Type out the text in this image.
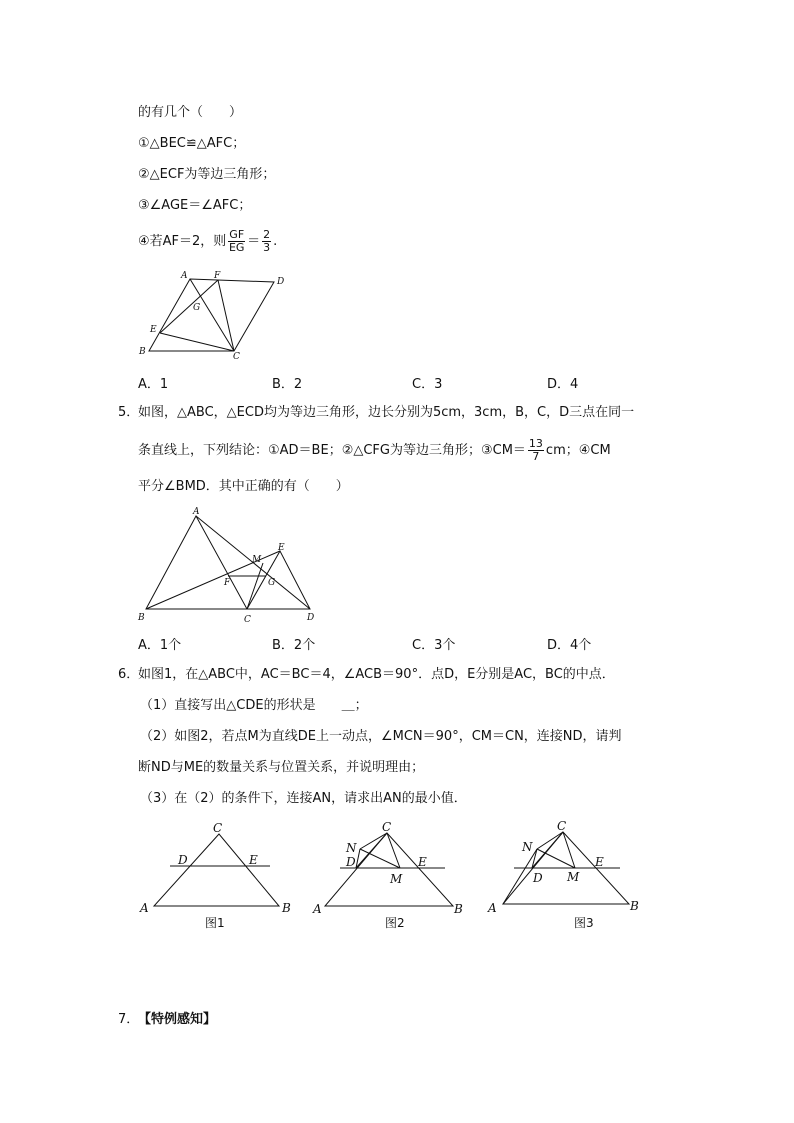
的有几个（　　）
①△BEC≌△AFC；
②△ECF为等边三角形；
③∠AGE＝∠AFC；
④若AF＝2，则 $\frac{GF}{EG} = \frac{2}{3}$ .
A	F
D
G
E
B	C
A．1	B．2	C．3	D．4
5．
如图，△ABC，△ECD均为等边三角形，边长分别为5cm，3cm，B，C，D三点在同一
条直线上，下列结论：①AD＝BE；②△CFG为等边三角形；③CM＝ $\frac{13}{7}$ cm；④CM
平分∠BMD．其中正确的有（　　）
A
M
E
F	G
B	C	D
A．1个	B．2个	C．3个	D．4个
6．
如图1，在△ABC中，AC＝BC＝4，∠ACB＝90°．点D，E分别是AC，BC的中点．
（1）直接写出△CDE的形状是　　＿；
（2）如图2，若点M为直线DE上一动点，∠MCN＝90°，CM＝CN，连接ND，请判
断ND与ME的数量关系与位置关系，并说明理由；
（3）在（2）的条件下，连接AN，请求出AN的最小值．
C
D	E
A	B
图1
C
N
D	E
M
A	B
图2
C
N
D
E
M
A	B
图3
7．
【特例感知】
